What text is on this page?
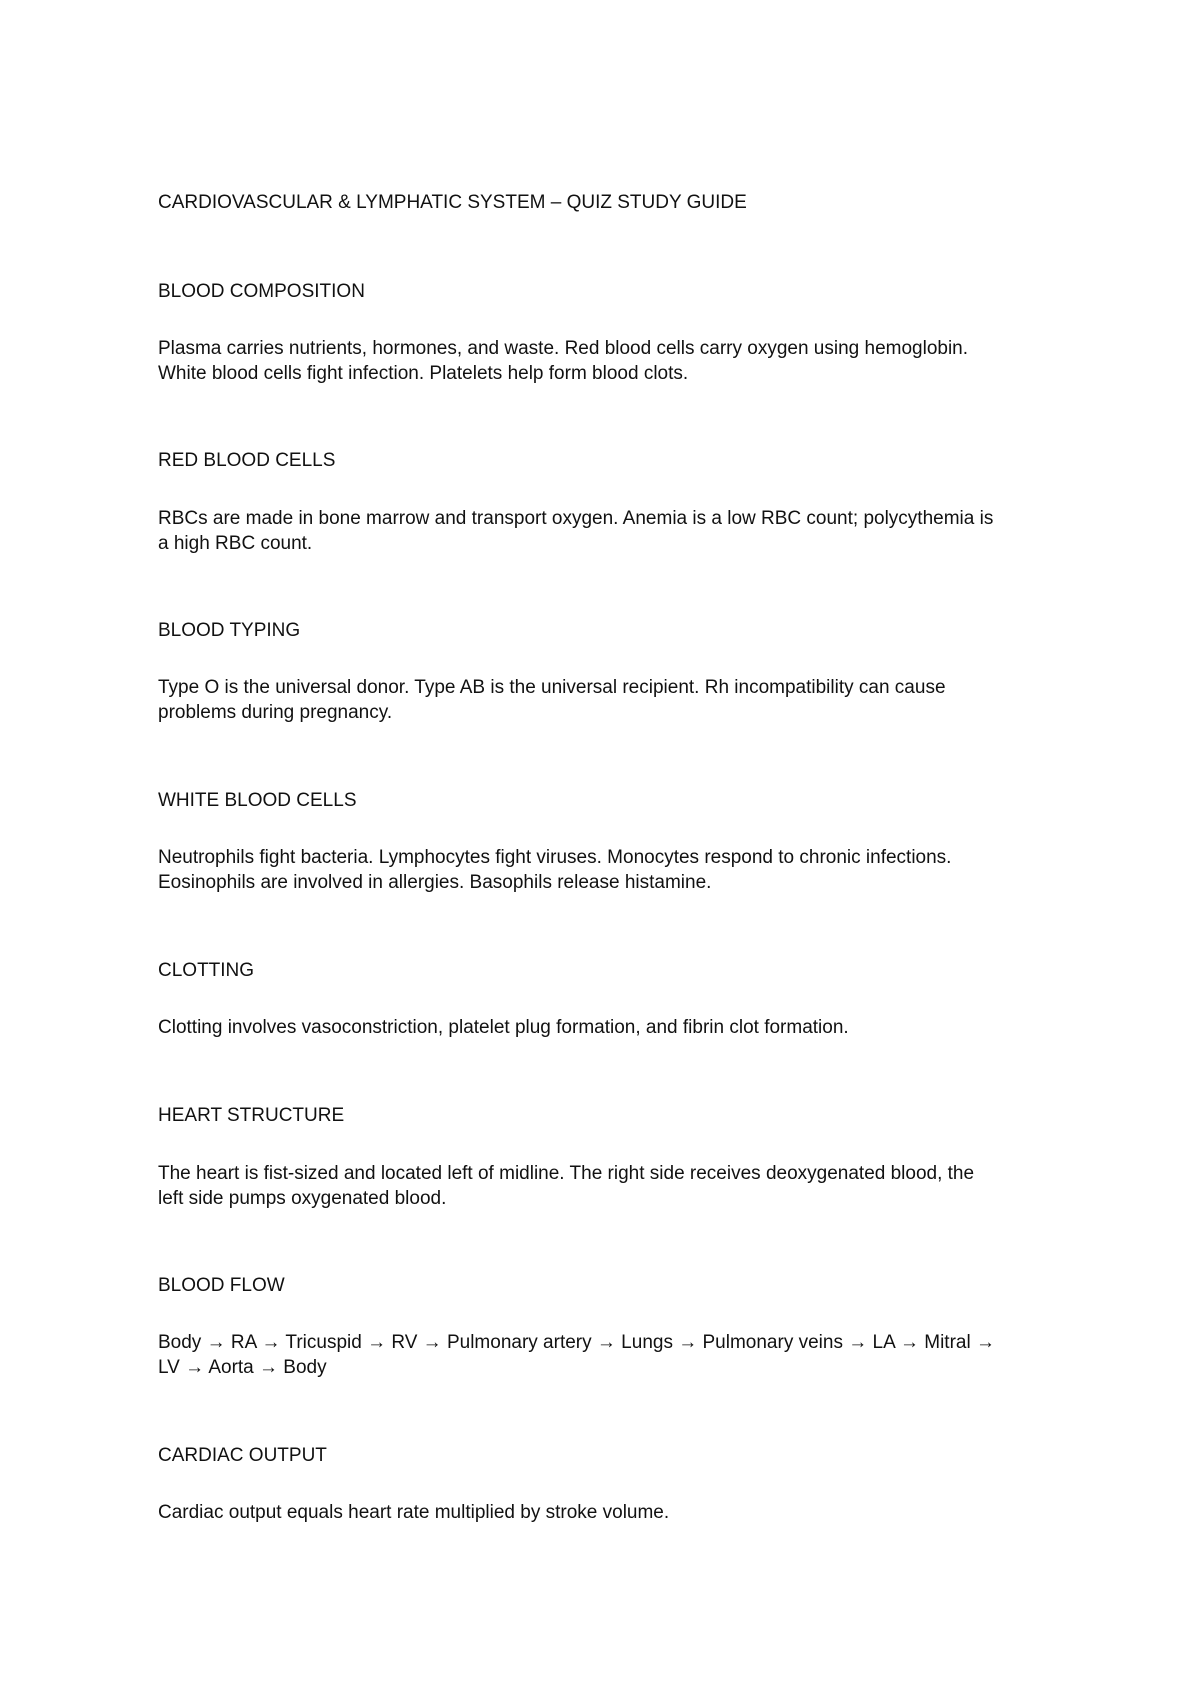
CARDIOVASCULAR & LYMPHATIC SYSTEM – QUIZ STUDY GUIDE
BLOOD COMPOSITION
Plasma carries nutrients, hormones, and waste. Red blood cells carry oxygen using hemoglobin.
White blood cells fight infection. Platelets help form blood clots.
RED BLOOD CELLS
RBCs are made in bone marrow and transport oxygen. Anemia is a low RBC count; polycythemia is
a high RBC count.
BLOOD TYPING
Type O is the universal donor. Type AB is the universal recipient. Rh incompatibility can cause
problems during pregnancy.
WHITE BLOOD CELLS
Neutrophils fight bacteria. Lymphocytes fight viruses. Monocytes respond to chronic infections.
Eosinophils are involved in allergies. Basophils release histamine.
CLOTTING
Clotting involves vasoconstriction, platelet plug formation, and fibrin clot formation.
HEART STRUCTURE
The heart is fist-sized and located left of midline. The right side receives deoxygenated blood, the
left side pumps oxygenated blood.
BLOOD FLOW
Body → RA → Tricuspid → RV → Pulmonary artery → Lungs → Pulmonary veins → LA → Mitral →
LV → Aorta → Body
CARDIAC OUTPUT
Cardiac output equals heart rate multiplied by stroke volume.
